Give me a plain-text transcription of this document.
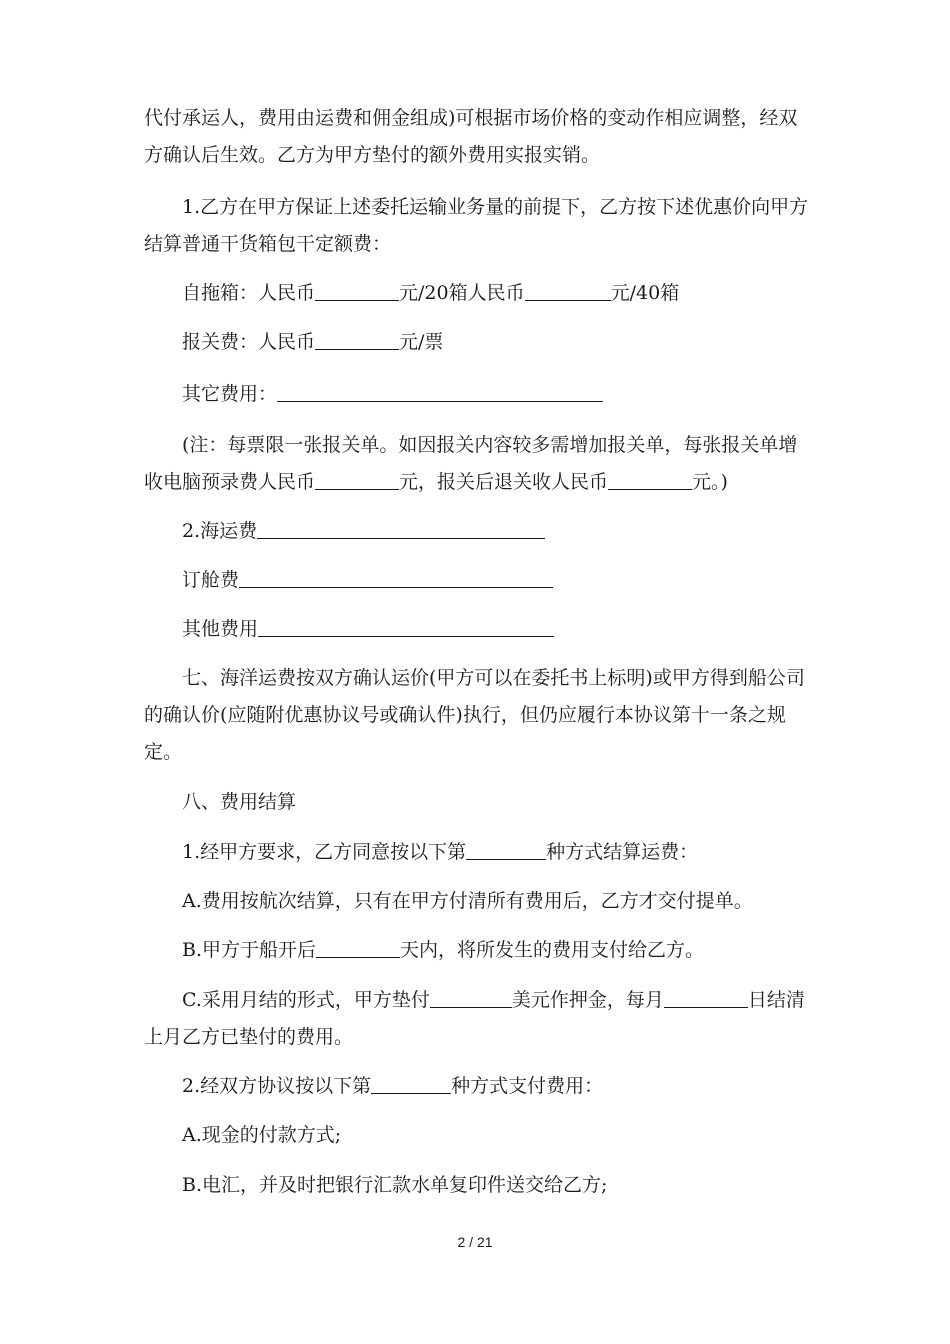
代付承运人，费用由运费和佣金组成)可根据市场价格的变动作相应调整，经双方确认后生效。乙方为甲方垫付的额外费用实报实销。

1.乙方在甲方保证上述委托运输业务量的前提下，乙方按下述优惠价向甲方结算普通干货箱包干定额费：

自拖箱：人民币	元/20箱人民币	元/40箱

报关费：人民币	元/票

其它费用：

(注：每票限一张报关单。如因报关内容较多需增加报关单，每张报关单增收电脑预录费人民币	元，报关后退关收人民币	元。)

2.海运费

订舱费

其他费用

七、海洋运费按双方确认运价(甲方可以在委托书上标明)或甲方得到船公司的确认价(应随附优惠协议号或确认件)执行，但仍应履行本协议第十一条之规定。

八、费用结算

1.经甲方要求，乙方同意按以下第	种方式结算运费：

A.费用按航次结算，只有在甲方付清所有费用后，乙方才交付提单。

B.甲方于船开后	天内，将所发生的费用支付给乙方。

C.采用月结的形式，甲方垫付	美元作押金，每月	日结清上月乙方已垫付的费用。

2.经双方协议按以下第	种方式支付费用：

A.现金的付款方式;

B.电汇，并及时把银行汇款水单复印件送交给乙方;

2 / 21
